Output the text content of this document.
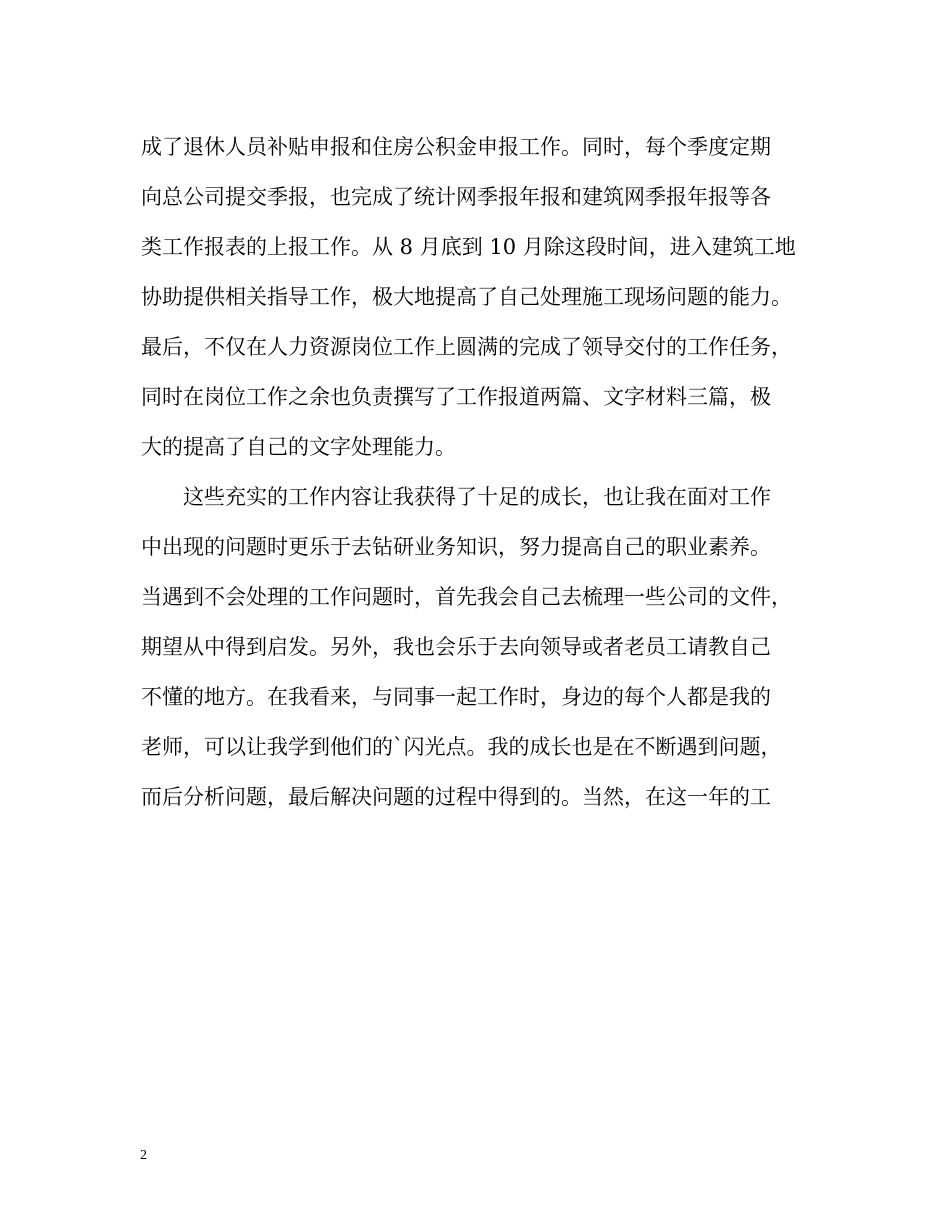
成了退休人员补贴申报和住房公积金申报工作。同时，每个季度定期
向总公司提交季报，也完成了统计网季报年报和建筑网季报年报等各
类工作报表的上报工作。从 8 月底到 10 月除这段时间，进入建筑工地
协助提供相关指导工作，极大地提高了自己处理施工现场问题的能力。
最后，不仅在人力资源岗位工作上圆满的完成了领导交付的工作任务，
同时在岗位工作之余也负责撰写了工作报道两篇、文字材料三篇，极
大的提高了自己的文字处理能力。
这些充实的工作内容让我获得了十足的成长，也让我在面对工作
中出现的问题时更乐于去钻研业务知识，努力提高自己的职业素养。
当遇到不会处理的工作问题时，首先我会自己去梳理一些公司的文件，
期望从中得到启发。另外，我也会乐于去向领导或者老员工请教自己
不懂的地方。在我看来，与同事一起工作时，身边的每个人都是我的
老师，可以让我学到他们的`闪光点。我的成长也是在不断遇到问题，
而后分析问题，最后解决问题的过程中得到的。当然，在这一年的工
2
